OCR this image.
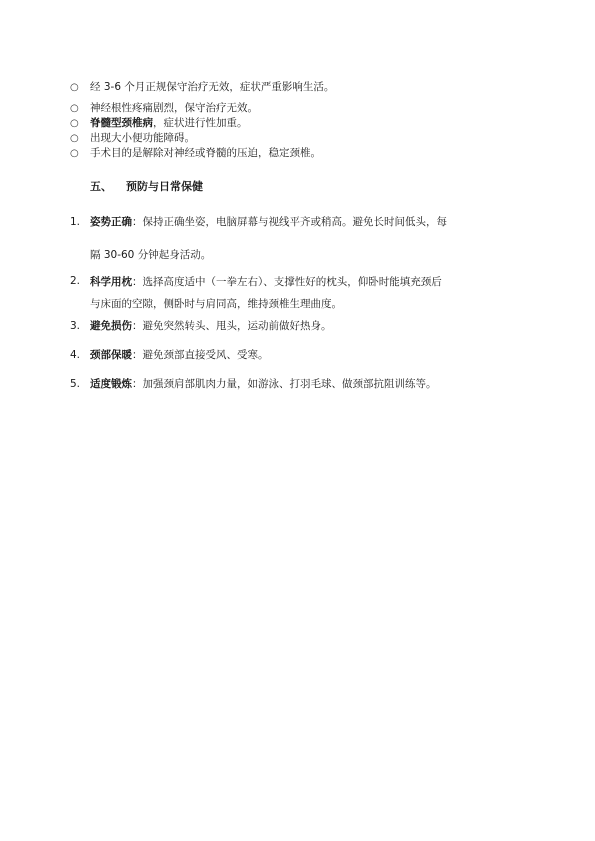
○ 经 3-6 个月正规保守治疗无效，症状严重影响生活。
○ 神经根性疼痛剧烈，保守治疗无效。
○ 脊髓型颈椎病，症状进行性加重。
○ 出现大小便功能障碍。
○ 手术目的是解除对神经或脊髓的压迫，稳定颈椎。
五、 预防与日常保健
1. 姿势正确：保持正确坐姿，电脑屏幕与视线平齐或稍高。避免长时间低头，每
隔 30-60 分钟起身活动。
2. 科学用枕：选择高度适中（一拳左右）、支撑性好的枕头，仰卧时能填充颈后
与床面的空隙，侧卧时与肩同高，维持颈椎生理曲度。
3. 避免损伤：避免突然转头、甩头，运动前做好热身。
4. 颈部保暖：避免颈部直接受风、受寒。
5. 适度锻炼：加强颈肩部肌肉力量，如游泳、打羽毛球、做颈部抗阻训练等。
